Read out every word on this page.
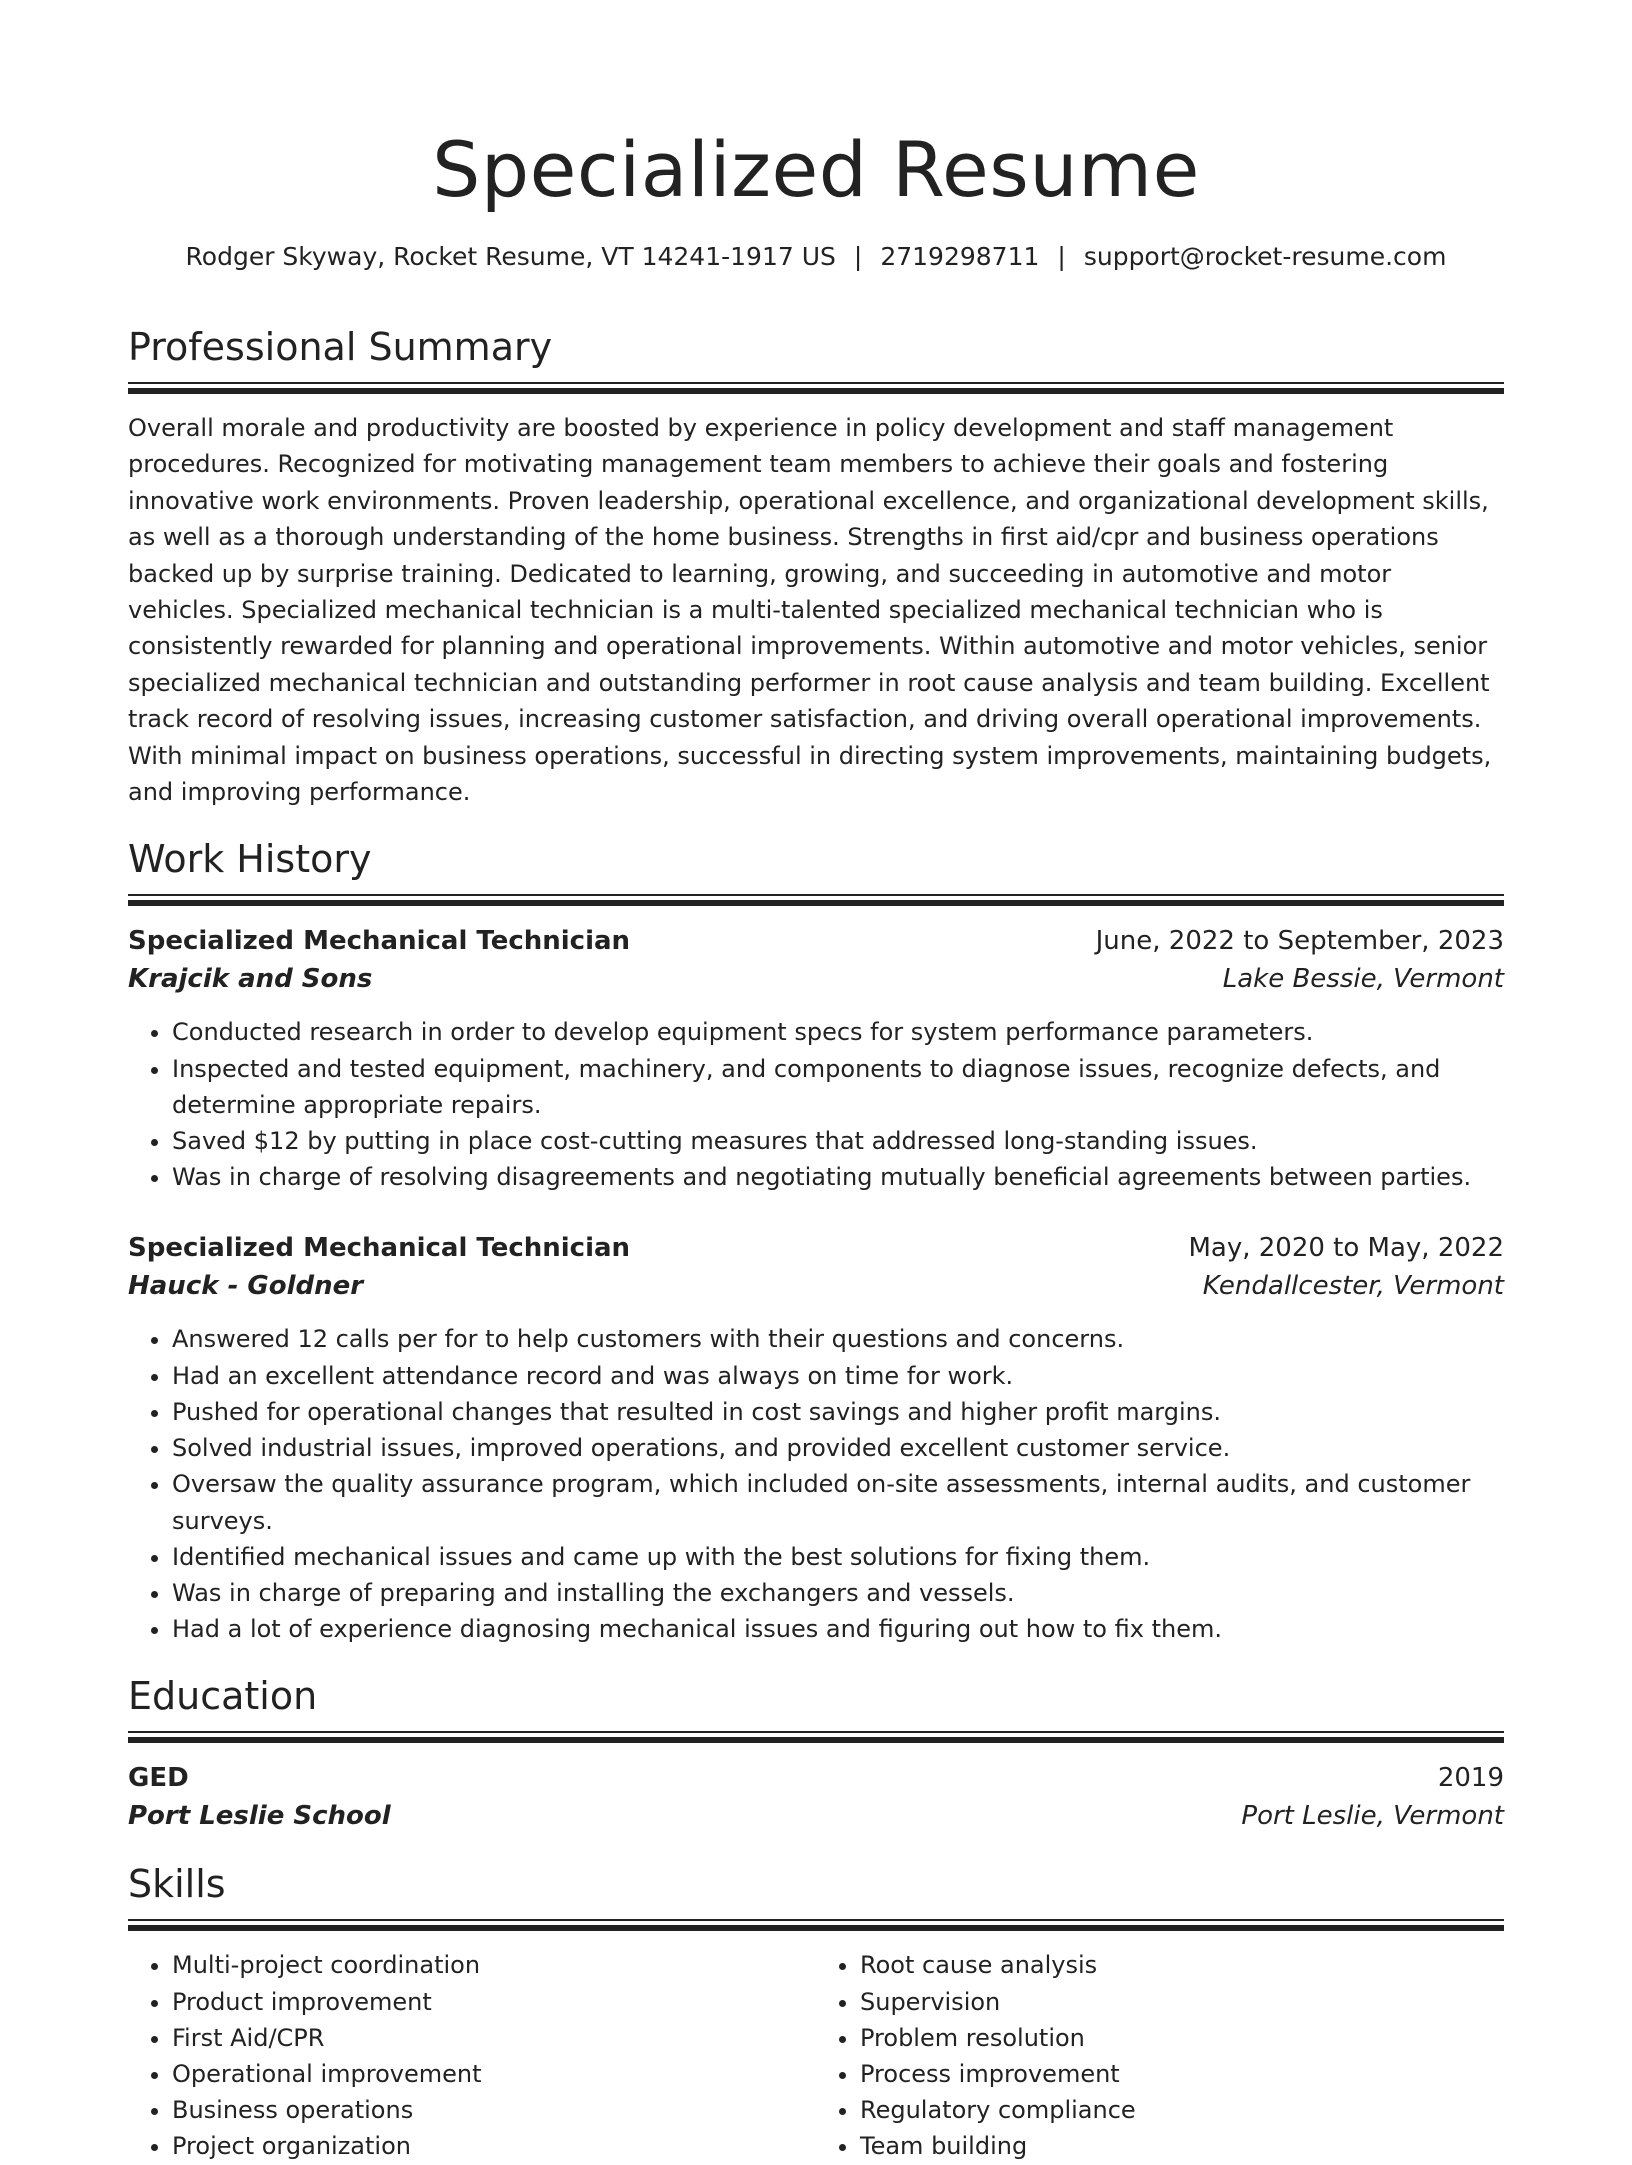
Specialized Resume
Rodger Skyway, Rocket Resume, VT 14241-1917 US | 2719298711 | support@rocket-resume.com
Professional Summary

Overall morale and productivity are boosted by experience in policy development and staff management procedures. Recognized for motivating management team members to achieve their goals and fostering innovative work environments. Proven leadership, operational excellence, and organizational development skills, as well as a thorough understanding of the home business. Strengths in first aid/cpr and business operations backed up by surprise training. Dedicated to learning, growing, and succeeding in automotive and motor vehicles. Specialized mechanical technician is a multi-talented specialized mechanical technician who is consistently rewarded for planning and operational improvements. Within automotive and motor vehicles, senior specialized mechanical technician and outstanding performer in root cause analysis and team building. Excellent track record of resolving issues, increasing customer satisfaction, and driving overall operational improvements. With minimal impact on business operations, successful in directing system improvements, maintaining budgets, and improving performance.

Work History
Specialized Mechanical Technician	June, 2022 to September, 2023
Krajcik and Sons	Lake Bessie, Vermont
• Conducted research in order to develop equipment specs for system performance parameters.
• Inspected and tested equipment, machinery, and components to diagnose issues, recognize defects, and determine appropriate repairs.
• Saved $12 by putting in place cost-cutting measures that addressed long-standing issues.
• Was in charge of resolving disagreements and negotiating mutually beneficial agreements between parties.
Specialized Mechanical Technician	May, 2020 to May, 2022
Hauck - Goldner	Kendallcester, Vermont
• Answered 12 calls per for to help customers with their questions and concerns.
• Had an excellent attendance record and was always on time for work.
• Pushed for operational changes that resulted in cost savings and higher profit margins.
• Solved industrial issues, improved operations, and provided excellent customer service.
• Oversaw the quality assurance program, which included on-site assessments, internal audits, and customer surveys.
• Identified mechanical issues and came up with the best solutions for fixing them.
• Was in charge of preparing and installing the exchangers and vessels.
• Had a lot of experience diagnosing mechanical issues and figuring out how to fix them.
Education
GED	2019
Port Leslie School	Port Leslie, Vermont
Skills
• Multi-project coordination
• Product improvement
• First Aid/CPR
• Operational improvement
• Business operations
• Project organization
• Root cause analysis
• Supervision
• Problem resolution
• Process improvement
• Regulatory compliance
• Team building
